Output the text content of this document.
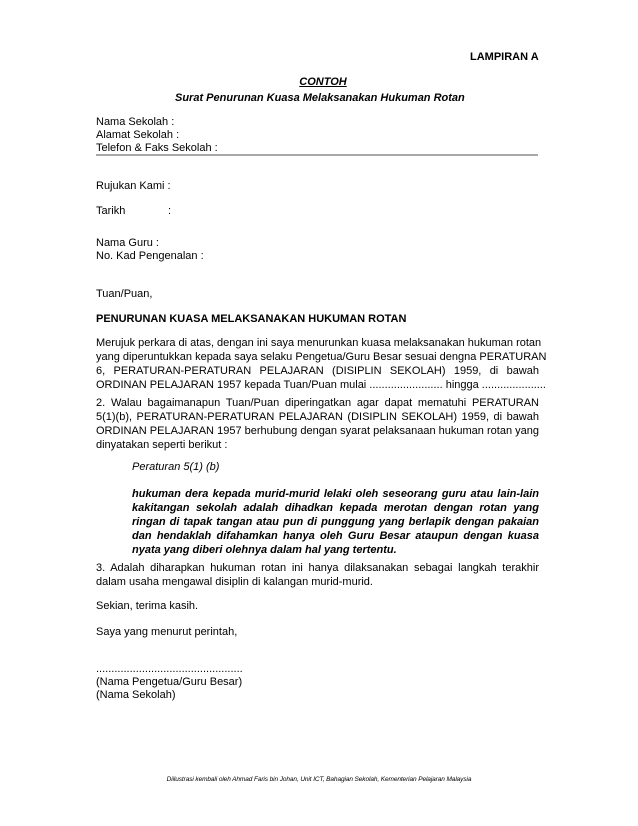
LAMPIRAN A
CONTOH
Surat Penurunan Kuasa Melaksanakan Hukuman Rotan
Nama Sekolah :
Alamat Sekolah :
Telefon & Faks Sekolah :
Rujukan Kami :
Tarikh	:
Nama Guru :
No. Kad Pengenalan :
Tuan/Puan,
PENURUNAN KUASA MELAKSANAKAN HUKUMAN ROTAN
Merujuk perkara di atas, dengan ini saya menurunkan kuasa melaksanakan hukuman rotan
yang diperuntukkan kepada saya selaku Pengetua/Guru Besar sesuai dengna PERATURAN
6, PERATURAN-PERATURAN PELAJARAN (DISIPLIN SEKOLAH) 1959, di bawah
ORDINAN PELAJARAN 1957 kepada Tuan/Puan mulai ........................ hingga .....................
2. Walau bagaimanapun Tuan/Puan diperingatkan agar dapat mematuhi PERATURAN
5(1)(b), PERATURAN-PERATURAN PELAJARAN (DISIPLIN SEKOLAH) 1959, di bawah
ORDINAN PELAJARAN 1957 berhubung dengan syarat pelaksanaan hukuman rotan yang
dinyatakan seperti berikut :
Peraturan 5(1) (b)
hukuman dera kepada murid-murid lelaki oleh seseorang guru atau lain-lain
kakitangan sekolah adalah dihadkan kepada merotan dengan rotan yang
ringan di tapak tangan atau pun di punggung yang berlapik dengan pakaian
dan hendaklah difahamkan hanya oleh Guru Besar ataupun dengan kuasa
nyata yang diberi olehnya dalam hal yang tertentu.
3. Adalah diharapkan hukuman rotan ini hanya dilaksanakan sebagai langkah terakhir
dalam usaha mengawal disiplin di kalangan murid-murid.
Sekian, terima kasih.
Saya yang menurut perintah,
................................................
(Nama Pengetua/Guru Besar)
(Nama Sekolah)
Diilustrasi kembali oleh Ahmad Faris bin Johan, Unit ICT, Bahagian Sekolah, Kementerian Pelajaran Malaysia
